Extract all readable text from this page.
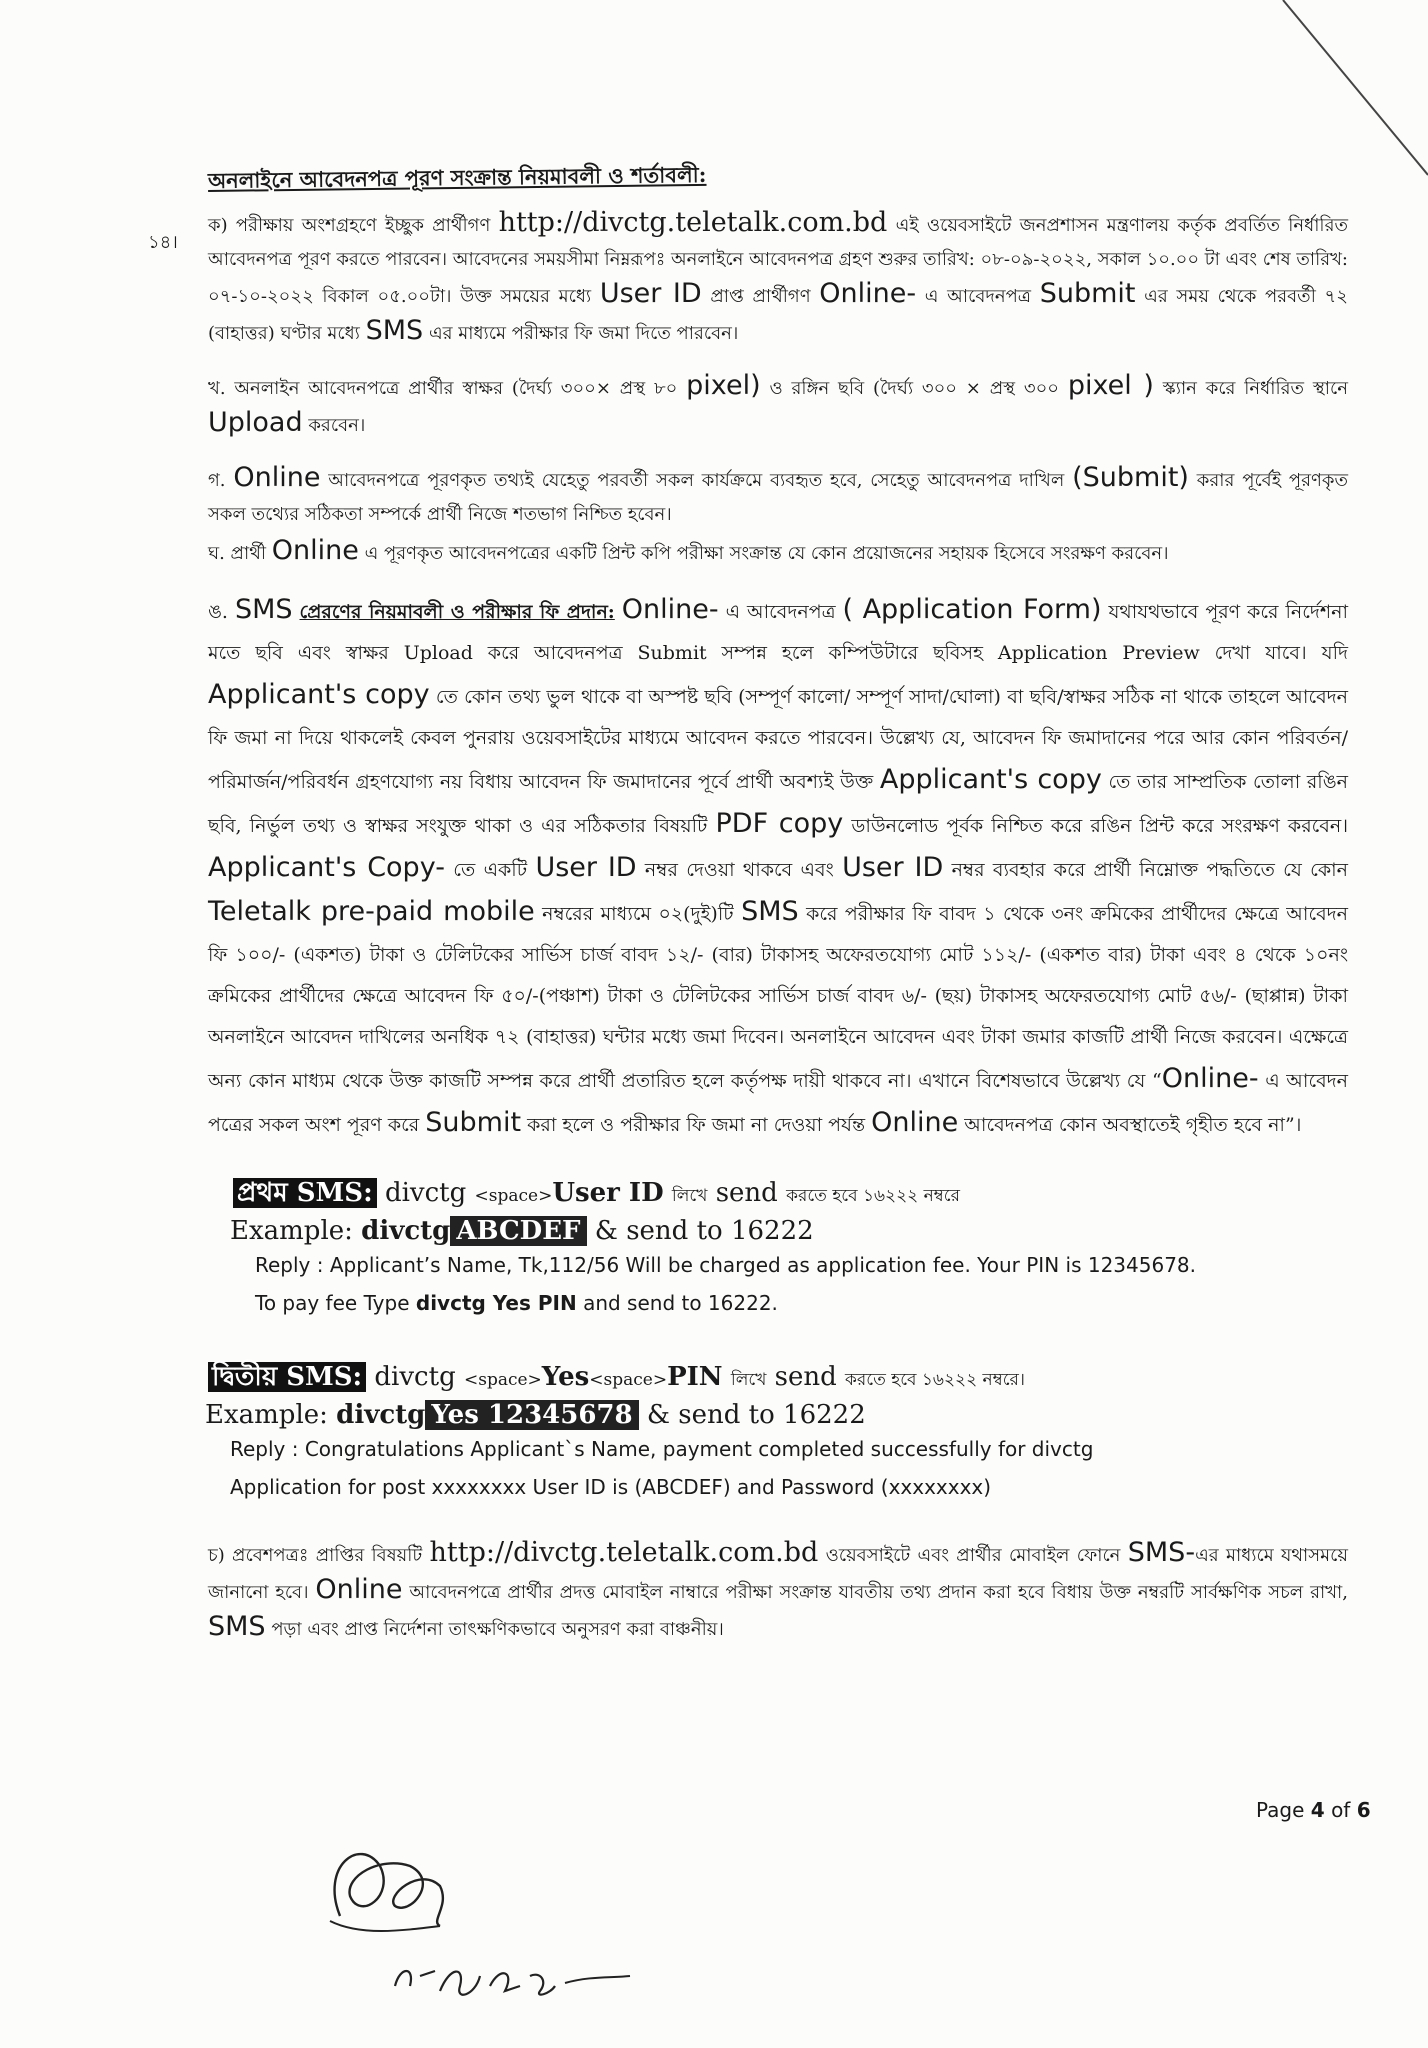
১৪।
অনলাইনে আবেদনপত্র পূরণ সংক্রান্ত নিয়মাবলী ও শর্তাবলী:

ক) পরীক্ষায় অংশগ্রহণে ইচ্ছুক প্রার্থীগণ http://divctg.teletalk.com.bd এই ওয়েবসাইটে জনপ্রশাসন মন্ত্রণালয় কর্তৃক প্রবর্তিত নির্ধারিত আবেদনপত্র পূরণ করতে পারবেন। আবেদনের সময়সীমা নিম্নরূপঃ অনলাইনে আবেদনপত্র গ্রহণ শুরুর তারিখ: ০৮-০৯-২০২২, সকাল ১০.০০ টা এবং শেষ তারিখ: ০৭-১০-২০২২ বিকাল ০৫.০০টা। উক্ত সময়ের মধ্যে User ID প্রাপ্ত প্রার্থীগণ Online- এ আবেদনপত্র Submit এর সময় থেকে পরবর্তী ৭২ (বাহাত্তর) ঘণ্টার মধ্যে SMS এর মাধ্যমে পরীক্ষার ফি জমা দিতে পারবেন।

খ. অনলাইন আবেদনপত্রে প্রার্থীর স্বাক্ষর (দৈর্ঘ্য ৩০০× প্রস্থ ৮০ pixel) ও রঙ্গিন ছবি (দৈর্ঘ্য ৩০০ × প্রস্থ ৩০০ pixel ) স্ক্যান করে নির্ধারিত স্থানে Upload করবেন।

গ. Online আবেদনপত্রে পূরণকৃত তথ্যই যেহেতু পরবর্তী সকল কার্যক্রমে ব্যবহৃত হবে, সেহেতু আবেদনপত্র দাখিল (Submit) করার পূর্বেই পূরণকৃত সকল তথ্যের সঠিকতা সম্পর্কে প্রার্থী নিজে শতভাগ নিশ্চিত হবেন।

ঘ. প্রার্থী Online এ পূরণকৃত আবেদনপত্রের একটি প্রিন্ট কপি পরীক্ষা সংক্রান্ত যে কোন প্রয়োজনের সহায়ক হিসেবে সংরক্ষণ করবেন।

ঙ. SMS প্রেরণের নিয়মাবলী ও পরীক্ষার ফি প্রদান: Online- এ আবেদনপত্র ( Application Form) যথাযথভাবে পূরণ করে নির্দেশনা মতে ছবি এবং স্বাক্ষর Upload করে আবেদনপত্র Submit সম্পন্ন হলে কম্পিউটারে ছবিসহ Application Preview দেখা যাবে। যদি Applicant's copy তে কোন তথ্য ভুল থাকে বা অস্পষ্ট ছবি (সম্পূর্ণ কালো/ সম্পূর্ণ সাদা/ঘোলা) বা ছবি/স্বাক্ষর সঠিক না থাকে তাহলে আবেদন ফি জমা না দিয়ে থাকলেই কেবল পুনরায় ওয়েবসাইটের মাধ্যমে আবেদন করতে পারবেন। উল্লেখ্য যে, আবেদন ফি জমাদানের পরে আর কোন পরিবর্তন/পরিমার্জন/পরিবর্ধন গ্রহণযোগ্য নয় বিধায় আবেদন ফি জমাদানের পূর্বে প্রার্থী অবশ্যই উক্ত Applicant's copy তে তার সাম্প্রতিক তোলা রঙিন ছবি, নির্ভুল তথ্য ও স্বাক্ষর সংযুক্ত থাকা ও এর সঠিকতার বিষয়টি PDF copy ডাউনলোড পূর্বক নিশ্চিত করে রঙিন প্রিন্ট করে সংরক্ষণ করবেন। Applicant's Copy- তে একটি User ID নম্বর দেওয়া থাকবে এবং User ID নম্বর ব্যবহার করে প্রার্থী নিম্নোক্ত পদ্ধতিতে যে কোন Teletalk pre-paid mobile নম্বরের মাধ্যমে ০২(দুই)টি SMS করে পরীক্ষার ফি বাবদ ১ থেকে ৩নং ক্রমিকের প্রার্থীদের ক্ষেত্রে আবেদন ফি ১০০/- (একশত) টাকা ও টেলিটকের সার্ভিস চার্জ বাবদ ১২/- (বার) টাকাসহ অফেরতযোগ্য মোট ১১২/- (একশত বার) টাকা এবং ৪ থেকে ১০নং ক্রমিকের প্রার্থীদের ক্ষেত্রে আবেদন ফি ৫০/-(পঞ্চাশ) টাকা ও টেলিটকের সার্ভিস চার্জ বাবদ ৬/- (ছয়) টাকাসহ অফেরতযোগ্য মোট ৫৬/- (ছাপ্পান্ন) টাকা অনলাইনে আবেদন দাখিলের অনধিক ৭২ (বাহাত্তর) ঘন্টার মধ্যে জমা দিবেন। অনলাইনে আবেদন এবং টাকা জমার কাজটি প্রার্থী নিজে করবেন। এক্ষেত্রে অন্য কোন মাধ্যম থেকে উক্ত কাজটি সম্পন্ন করে প্রার্থী প্রতারিত হলে কর্তৃপক্ষ দায়ী থাকবে না। এখানে বিশেষভাবে উল্লেখ্য যে “Online- এ আবেদন পত্রের সকল অংশ পূরণ করে Submit করা হলে ও পরীক্ষার ফি জমা না দেওয়া পর্যন্ত Online আবেদনপত্র কোন অবস্থাতেই গৃহীত হবে না”।

প্রথম SMS: divctg <space>User ID লিখে send করতে হবে ১৬২২২ নম্বরে
Example: divctg ABCDEF & send to 16222
Reply : Applicant’s Name, Tk,112/56 Will be charged as application fee. Your PIN is 12345678.
To pay fee Type divctg Yes PIN and send to 16222.
দ্বিতীয় SMS: divctg <space>Yes<space>PIN লিখে send করতে হবে ১৬২২২ নম্বরে।
Example: divctg Yes 12345678 & send to 16222
Reply : Congratulations Applicant`s Name, payment completed successfully for divctg
Application for post xxxxxxxx User ID is (ABCDEF) and Password (xxxxxxxx)

চ) প্রবেশপত্রঃ প্রাপ্তির বিষয়টি http://divctg.teletalk.com.bd ওয়েবসাইটে এবং প্রার্থীর মোবাইল ফোনে SMS-এর মাধ্যমে যথাসময়ে জানানো হবে। Online আবেদনপত্রে প্রার্থীর প্রদত্ত মোবাইল নাম্বারে পরীক্ষা সংক্রান্ত যাবতীয় তথ্য প্রদান করা হবে বিধায় উক্ত নম্বরটি সার্বক্ষণিক সচল রাখা, SMS পড়া এবং প্রাপ্ত নির্দেশনা তাৎক্ষণিকভাবে অনুসরণ করা বাঞ্চনীয়।

Page 4 of 6
